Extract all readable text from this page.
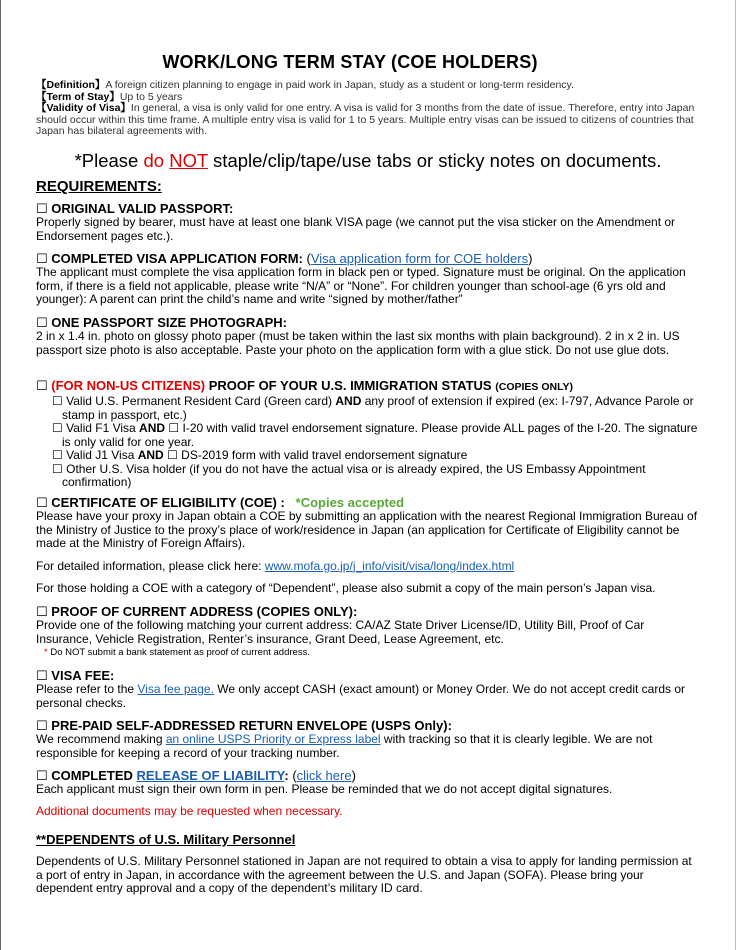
WORK/LONG TERM STAY (COE HOLDERS)
【Definition】A foreign citizen planning to engage in paid work in Japan, study as a student or long-term residency.
【Term of Stay】Up to 5 years
【Validity of Visa】In general, a visa is only valid for one entry. A visa is valid for 3 months from the date of issue. Therefore, entry into Japan should occur within this time frame. A multiple entry visa is valid for 1 to 5 years. Multiple entry visas can be issued to citizens of countries that Japan has bilateral agreements with.
*Please do NOT staple/clip/tape/use tabs or sticky notes on documents.
REQUIREMENTS:
☐ ORIGINAL VALID PASSPORT:
Properly signed by bearer, must have at least one blank VISA page (we cannot put the visa sticker on the Amendment or Endorsement pages etc.).
☐ COMPLETED VISA APPLICATION FORM: (Visa application form for COE holders)
The applicant must complete the visa application form in black pen or typed. Signature must be original. On the application form, if there is a field not applicable, please write “N/A” or “None”. For children younger than school-age (6 yrs old and younger): A parent can print the child’s name and write “signed by mother/father”
☐ ONE PASSPORT SIZE PHOTOGRAPH:
2 in x 1.4 in. photo on glossy photo paper (must be taken within the last six months with plain background). 2 in x 2 in. US passport size photo is also acceptable. Paste your photo on the application form with a glue stick. Do not use glue dots.
☐ (FOR NON-US CITIZENS) PROOF OF YOUR U.S. IMMIGRATION STATUS (COPIES ONLY)
☐ Valid U.S. Permanent Resident Card (Green card) AND any proof of extension if expired (ex: I-797, Advance Parole or stamp in passport, etc.)
☐ Valid F1 Visa AND ☐ I-20 with valid travel endorsement signature. Please provide ALL pages of the I-20. The signature is only valid for one year.
☐ Valid J1 Visa AND ☐ DS-2019 form with valid travel endorsement signature
☐ Other U.S. Visa holder (if you do not have the actual visa or is already expired, the US Embassy Appointment confirmation)
☐ CERTIFICATE OF ELIGIBILITY (COE) : *Copies accepted
Please have your proxy in Japan obtain a COE by submitting an application with the nearest Regional Immigration Bureau of the Ministry of Justice to the proxy’s place of work/residence in Japan (an application for Certificate of Eligibility cannot be made at the Ministry of Foreign Affairs).
For detailed information, please click here: www.mofa.go.jp/j_info/visit/visa/long/index.html
For those holding a COE with a category of “Dependent”, please also submit a copy of the main person’s Japan visa.
☐ PROOF OF CURRENT ADDRESS (COPIES ONLY):
Provide one of the following matching your current address: CA/AZ State Driver License/ID, Utility Bill, Proof of Car Insurance, Vehicle Registration, Renter’s insurance, Grant Deed, Lease Agreement, etc.
* Do NOT submit a bank statement as proof of current address.
☐ VISA FEE:
Please refer to the Visa fee page. We only accept CASH (exact amount) or Money Order. We do not accept credit cards or personal checks.
☐ PRE-PAID SELF-ADDRESSED RETURN ENVELOPE (USPS Only):
We recommend making an online USPS Priority or Express label with tracking so that it is clearly legible. We are not responsible for keeping a record of your tracking number.
☐ COMPLETED RELEASE OF LIABILITY: (click here)
Each applicant must sign their own form in pen. Please be reminded that we do not accept digital signatures.
Additional documents may be requested when necessary.
**DEPENDENTS of U.S. Military Personnel
Dependents of U.S. Military Personnel stationed in Japan are not required to obtain a visa to apply for landing permission at a port of entry in Japan, in accordance with the agreement between the U.S. and Japan (SOFA). Please bring your dependent entry approval and a copy of the dependent’s military ID card.
